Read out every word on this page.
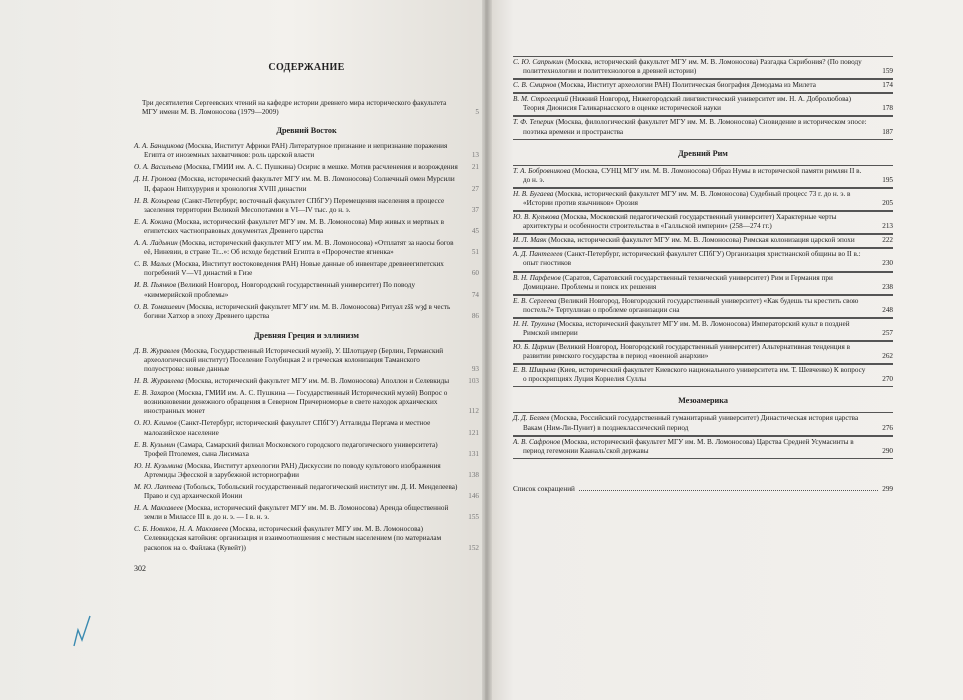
СОДЕРЖАНИЕ
Три десятилетия Сергеевских чтений на кафедре истории древнего мира исторического факультета МГУ имени М. В. Ломоносова (1979—2009)	5
Древний Восток
А. А. Банщикова (Москва, Институт Африки РАН) Литературное признание и непризнание поражения Египта от иноземных захватчиков: роль царской власти	13
О. А. Васильева (Москва, ГМИИ им. А. С. Пушкина) Осирис в мешке. Мотив расчленения и возрождения	21
Д. Н. Громова (Москва, исторический факультет МГУ им. М. В. Ломоносова) Солнечный омен Мурсили II, фараон Нипхурурия и хронология XVIII династии	27
Н. В. Козырева (Санкт-Петербург, восточный факультет СПбГУ) Перемещения населения в процессе заселения территории Великой Месопотамии в VI—IV тыс. до н. э.	37
Е. А. Кокина (Москва, исторический факультет МГУ им. М. В. Ломоносова) Мир живых и мертвых в египетских частноправовых документах Древнего царства	45
А. А. Ладынин (Москва, исторический факультет МГУ им. М. В. Ломоносова) «Отплатят за наосы богов её, Ниневии, в стране Tr...»: Об исходе бедствий Египта в «Пророчестве ягненка»	51
С. В. Малых (Москва, Институт востоковедения РАН) Новые данные об инвентаре древнеегипетских погребений V—VI династий в Гизе	60
И. В. Пьянков (Великий Новгород, Новгородский государственный университет) По поводу «киммерийской проблемы»	74
О. В. Томашевич (Москва, исторический факультет МГУ им. М. В. Ломоносова) Ритуал zšš wȝḏ в честь богини Хатхор в эпоху Древнего царства	86
Древняя Греция и эллинизм
Д. В. Журавлев (Москва, Государственный Исторический музей), У. Шлотцауер (Берлин, Германский археологический институт) Поселение Голубицкая 2 и греческая колонизация Таманского полуострова: новые данные	93
Н. В. Журавлева (Москва, исторический факультет МГУ им. М. В. Ломоносова) Аполлон и Селевкиды	103
Е. В. Захаров (Москва, ГМИИ им. А. С. Пушкина — Государственный Исторический музей) Вопрос о возникновении денежного обращения в Северном Причерноморье в свете находок архаических иностранных монет	112
О. Ю. Климов (Санкт-Петербург, исторический факультет СПбГУ) Атталиды Пергама и местное малоазийское население	121
Е. В. Кузьмин (Самара, Самарский филиал Московского городского педагогического университета) Трофей Птолемея, сына Лисимаха	131
Ю. Н. Кузьмина (Москва, Институт археологии РАН) Дискуссии по поводу культового изображения Артемиды Эфесской в зарубежной историографии	138
М. Ю. Лаптева (Тобольск, Тобольский государственный педагогический институт им. Д. И. Менделеева) Право и суд архаической Ионии	146
Н. А. Макхавеев (Москва, исторический факультет МГУ им. М. В. Ломоносова) Аренда общественной земли в Милассе III в. до н. э. — I в. н. э.	155
С. Б. Новиков, Н. А. Макхавеев (Москва, исторический факультет МГУ им. М. В. Ломоносова) Селевкидская катойкия: организация и взаимоотношения с местным населением (по материалам раскопок на о. Файлака (Кувейт))	152
302
С. Ю. Сапрыкин (Москва, исторический факультет МГУ им. М. В. Ломоносова) Разгадка Скрибония? (По поводу политтехнологии и политтехнологов в древней истории)	159
С. В. Смирнов (Москва, Институт археологии РАН) Политическая биография Демодама из Милета	174
В. М. Строгецкий (Нижний Новгород, Нижегородский лингвистический университет им. Н. А. Добролюбова) Теория Дионисия Галикарнасского в оценке исторической науки	178
Т. Ф. Теперик (Москва, филологический факультет МГУ им. М. В. Ломоносова) Сновидение в историческом эпосе: поэтика времени и пространства	187
Древний Рим
Т. А. Бобровникова (Москва, СУНЦ МГУ им. М. В. Ломоносова) Образ Нумы в исторической памяти римлян II в. до н. э.	195
Н. В. Бугаева (Москва, исторический факультет МГУ им. М. В. Ломоносова) Судебный процесс 73 г. до н. э. в «Истории против язычников» Орозия	205
Ю. В. Кулькова (Москва, Московский педагогический государственный университет) Характерные черты архитектуры и особенности строительства в «Галльской империи» (258—274 гг.)	213
И. Л. Маяк (Москва, исторический факультет МГУ им. М. В. Ломоносова) Римская колонизация царской эпохи	222
А. Д. Пантелеев (Санкт-Петербург, исторический факультет СПбГУ) Организация христианской общины во II в.: опыт гностиков	230
В. Н. Парфенов (Саратов, Саратовский государственный технический университет) Рим и Германия при Домициане. Проблемы и поиск их решения	238
Е. В. Сергеева (Великий Новгород, Новгородский государственный университет) «Как будешь ты крестить свою постель?» Тертуллиан о проблеме организации сна	248
Н. Н. Трухина (Москва, исторический факультет МГУ им. М. В. Ломоносова) Императорский культ в поздней Римской империи	257
Ю. Б. Циркин (Великий Новгород, Новгородский государственный университет) Альтернативная тенденция в развитии римского государства в период «военной анархии»	262
Е. В. Шицына (Киев, исторический факультет Киевского национального университета им. Т. Шевченко) К вопросу о проскрипциях Луция Корнелия Суллы	270
Мезоамерика
Д. Д. Беляев (Москва, Российский государственный гуманитарный университет) Династическая история царства Вакам (Ним-Ли-Пунит) в позднеклассический период	276
А. В. Сафронов (Москва, исторический факультет МГУ им. М. В. Ломоносова) Царства Средней Усумасинты в период гегемонии Кааналь'ской державы	290
Список сокращений	299
